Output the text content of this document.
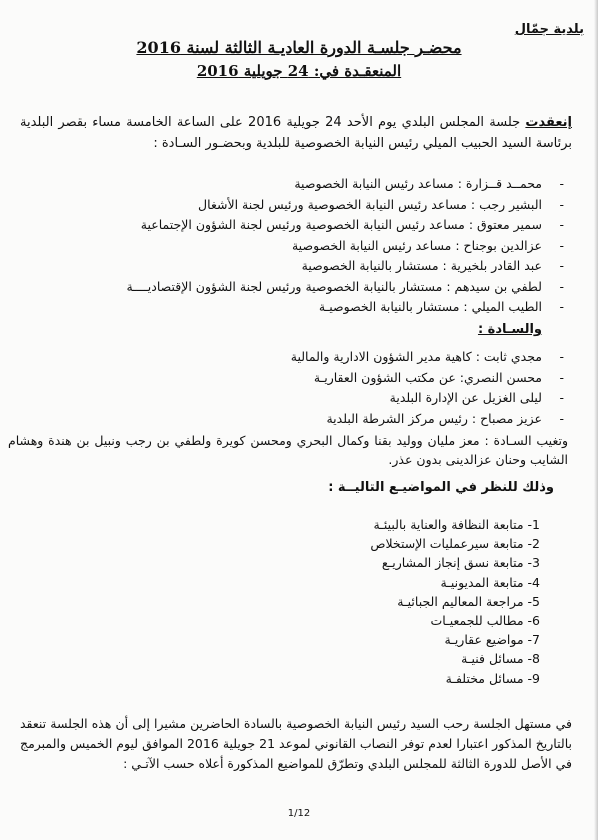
بلدية جمّال
محضـر جلسـة الدورة العاديـة الثالثة لسنة 2016
المنعقـدة في: 24 جويلية 2016
إنعقدت جلسة المجلس البلدي يوم الأحد 24 جويلية 2016 على الساعة الخامسة مساء بقصر البلدية برئاسة السيد الحبيب الميلي رئيس النيابة الخصوصية للبلدية وبحضـور السـادة :
-محمــد قــزارة : مساعد رئيس النيابة الخصوصية
-البشير رجب : مساعد رئيس النيابة الخصوصية ورئيس لجنة الأشغال
-سمير معتوق : مساعد رئيس النيابة الخصوصية ورئيس لجنة الشؤون الإجتماعية
-عزالدين بوجناح : مساعد رئيس النيابة الخصوصية
-عبد القادر بلخيرية : مستشار بالنيابة الخصوصية
-لطفي بن سيدهم : مستشار بالنيابة الخصوصية ورئيس لجنة الشؤون الإقتصاديــــة
-الطيب الميلي : مستشار بالنيابة الخصوصيـة
والسـادة :
-مجدي ثابت : كاهية مدير الشؤون الادارية والمالية
-محسن النصري: عن مكتب الشؤون العقاريـة
-ليلى الغزيل عن الإدارة البلدية
-عزيز مصباح : رئيس مركز الشرطة البلدية
وتغيب السـادة : معز مليان ووليد بقنا وكمال البحري ومحسن كويرة ولطفي بن رجب ونبيل بن هندة وهشام الشايب وحنان عزالدينى بدون عذر.
وذلك للنظر في المواضيـع التاليــة :
1- متابعة النظافة والعناية بالبيئـة
2- متابعة سيرعمليات الإستخلاص
3- متابعة نسق إنجاز المشاريـع
4- متابعة المديونيـة
5- مراجعة المعاليم الجبائيـة
6- مطالب للجمعيـات
7- مواضيع عقاريـة
8- مسائل فنيـة
9- مسائل مختلفـة
في مستهل الجلسة رحب السيد رئيس النيابة الخصوصية بالسادة الحاضرين مشيرا إلى أن هذه الجلسة تنعقد بالتاريخ المذكور اعتبارا لعدم توفر النصاب القانوني لموعد 21 جويلية 2016 الموافق ليوم الخميس والمبرمج في الأصل للدورة الثالثة للمجلس البلدي وتطرّق للمواضيع المذكورة أعلاه حسب الآتـي :
1/12
